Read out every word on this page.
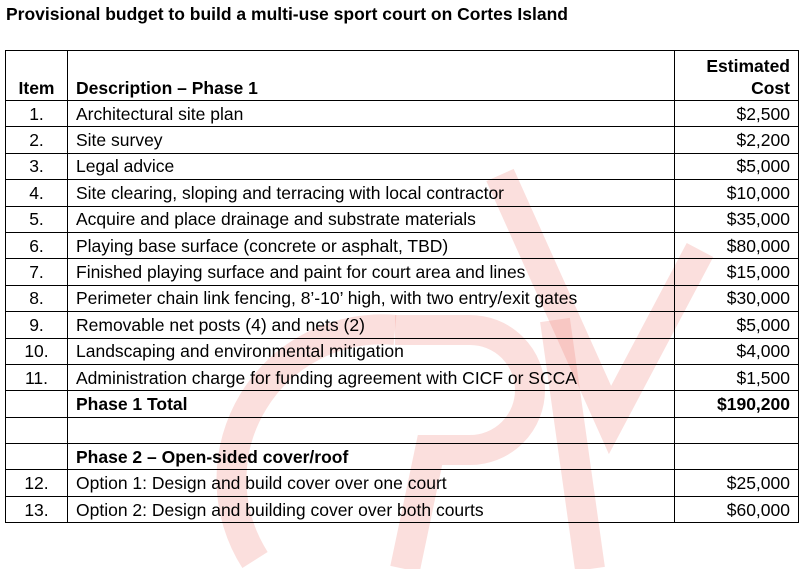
Provisional budget to build a multi-use sport court on Cortes Island
Item	Description – Phase 1	Estimated
Cost
1.	Architectural site plan	$2,500
2.	Site survey	$2,200
3.	Legal advice	$5,000
4.	Site clearing, sloping and terracing with local contractor	$10,000
5.	Acquire and place drainage and substrate materials	$35,000
6.	Playing base surface (concrete or asphalt, TBD)	$80,000
7.	Finished playing surface and paint for court area and lines	$15,000
8.	Perimeter chain link fencing, 8’-10’ high, with two entry/exit gates	$30,000
9.	Removable net posts (4) and nets (2)	$5,000
10.	Landscaping and environmental mitigation	$4,000
11.	Administration charge for funding agreement with CICF or SCCA	$1,500
	Phase 1 Total	$190,200

	Phase 2 – Open-sided cover/roof	
12.	Option 1: Design and build cover over one court	$25,000
13.	Option 2: Design and building cover over both courts	$60,000
